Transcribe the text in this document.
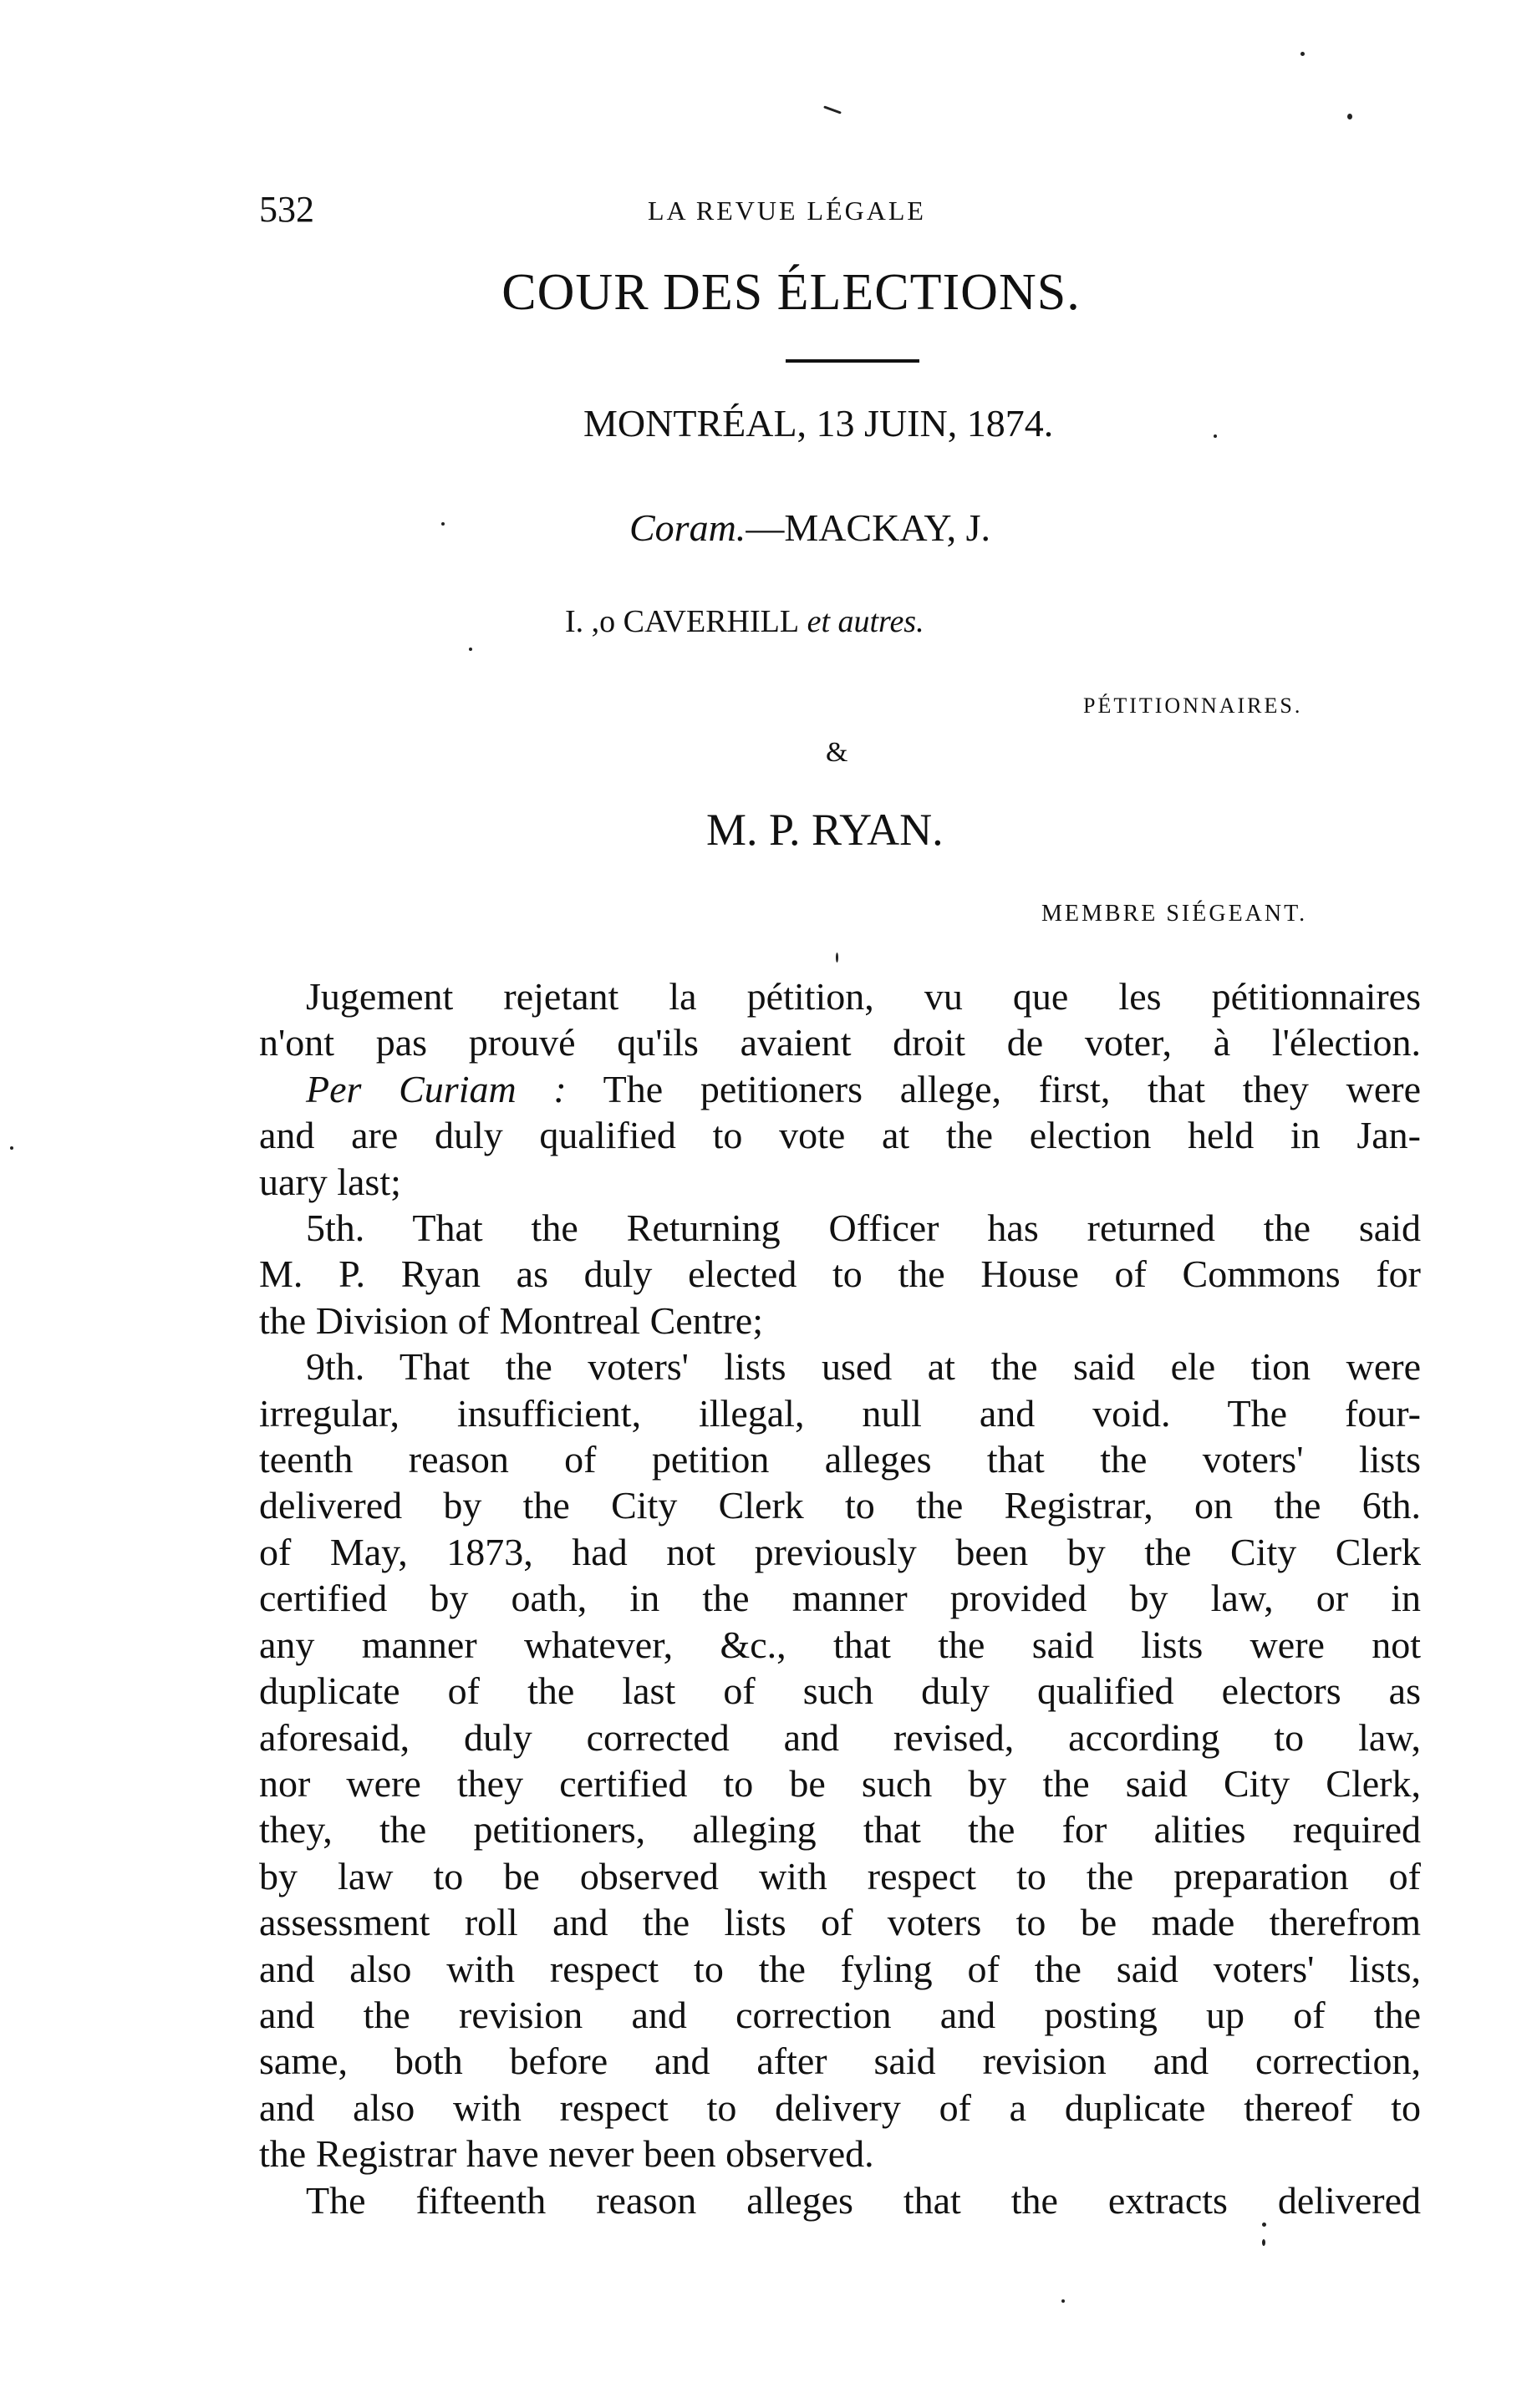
532	LA REVUE LÉGALE
COUR DES ÉLECTIONS.
MONTRÉAL, 13 JUIN, 1874.
Coram.—MACKAY, J.
I. ,o CAVERHILL et autres.
PÉTITIONNAIRES.
&
M. P. RYAN.
MEMBRE SIÉGEANT.
Jugement rejetant la pétition, vu que les pétitionnaires
n'ont pas prouvé qu'ils avaient droit de voter, à l'élection.
Per Curiam : The petitioners allege, first, that they were
and are duly qualified to vote at the election held in Jan-
uary last;
5th. That the Returning Officer has returned the said
M. P. Ryan as duly elected to the House of Commons for
the Division of Montreal Centre;
9th. That the voters' lists used at the said ele tion were
irregular, insufficient, illegal, null and void. The four-
teenth reason of petition alleges that the voters' lists
delivered by the City Clerk to the Registrar, on the 6th.
of May, 1873, had not previously been by the City Clerk
certified by oath, in the manner provided by law, or in
any manner whatever, &c., that the said lists were not
duplicate of the last of such duly qualified electors as
aforesaid, duly corrected and revised, according to law,
nor were they certified to be such by the said City Clerk,
they, the petitioners, alleging that the for alities required
by law to be observed with respect to the preparation of
assessment roll and the lists of voters to be made therefrom
and also with respect to the fyling of the said voters' lists,
and the revision and correction and posting up of the
same, both before and after said revision and correction,
and also with respect to delivery of a duplicate thereof to
the Registrar have never been observed.
The fifteenth reason alleges that the extracts delivered
